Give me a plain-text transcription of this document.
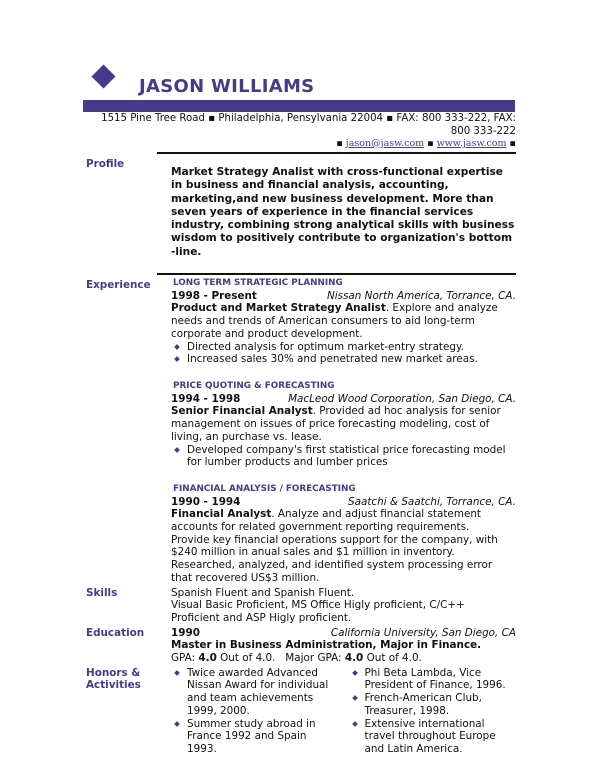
JASON WILLIAMS
1515 Pine Tree Road ▪ Philadelphia, Pensylvania 22004 ▪ FAX: 800 333-222, FAX: 800 333-222
▪ jason@jasw.com ▪ www.jasw.com ▪
Profile
Market Strategy Analist with cross-functional expertise in business and financial analysis, accounting, marketing,and new business development. More than seven years of experience in the financial services industry, combining strong analytical skills with business wisdom to positively contribute to organization's bottom -line.
Experience	LONG TERM STRATEGIC PLANNING
1998 - Present	Nissan North America, Torrance, CA.
Product and Market Strategy Analist. Explore and analyze needs and trends of American consumers to aid long-term corporate and product development.
Directed analysis for optimum market-entry strategy.
Increased sales 30% and penetrated new market areas.
PRICE QUOTING & FORECASTING
1994 - 1998	MacLeod Wood Corporation, San Diego, CA.
Senior Financial Analyst. Provided ad hoc analysis for senior management on issues of price forecasting modeling, cost of living, an purchase vs. lease.
Developed company's first statistical price forecasting model for lumber products and lumber prices
FINANCIAL ANALYSIS / FORECASTING
1990 - 1994	Saatchi & Saatchi, Torrance, CA.
Financial Analyst. Analyze and adjust financial statement accounts for related government reporting requirements.
Provide key financial operations support for the company, with $240 million in anual sales and $1 million in inventory. Researched, analyzed, and identified system processing error that recovered US$3 million.
Skills	Spanish Fluent and Spanish Fluent.
Visual Basic Proficient, MS Office Higly proficient, C/C++ Proficient and ASP Higly proficient.
Education	1990	California University, San Diego, CA
Master in Business Administration, Major in Finance.
GPA: 4.0 Out of 4.0.   Major GPA: 4.0 Out of 4.0.
Honors &
Activities
Twice awarded Advanced Nissan Award for individual and team achievements 1999, 2000.
Summer study abroad in France 1992 and Spain 1993.
Phi Beta Lambda, Vice President of Finance, 1996.
French-American Club, Treasurer, 1998.
Extensive international travel throughout Europe and Latin America.
